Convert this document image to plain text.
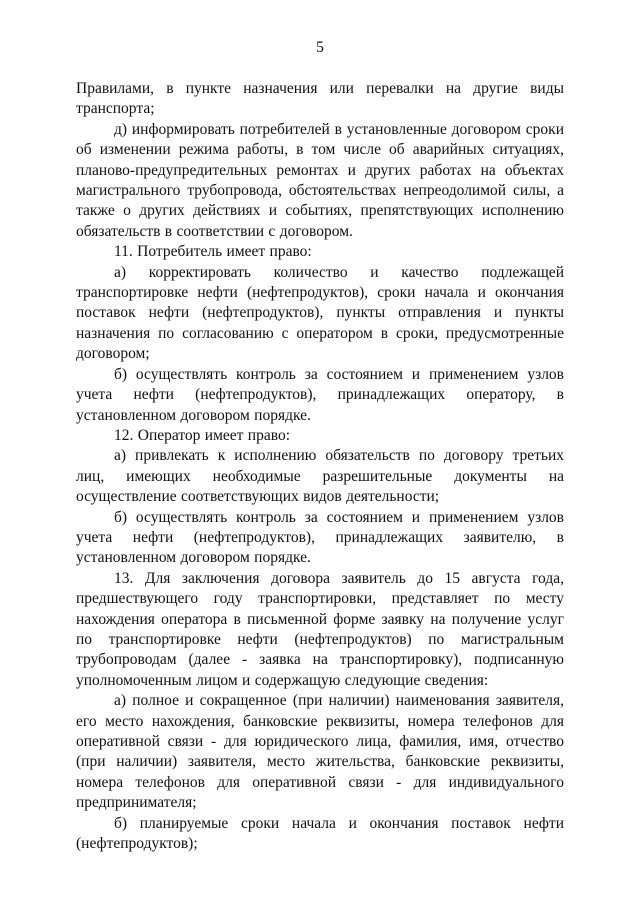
5

Правилами, в пункте назначения или перевалки на другие виды транспорта;

д) информировать потребителей в установленные договором сроки об изменении режима работы, в том числе об аварийных ситуациях, планово-предупредительных ремонтах и других работах на объектах магистрального трубопровода, обстоятельствах непреодолимой силы, а также о других действиях и событиях, препятствующих исполнению обязательств в соответствии с договором.

11. Потребитель имеет право:

а) корректировать количество и качество подлежащей транспортировке нефти (нефтепродуктов), сроки начала и окончания поставок нефти (нефтепродуктов), пункты отправления и пункты назначения по согласованию с оператором в сроки, предусмотренные договором;

б) осуществлять контроль за состоянием и применением узлов учета нефти (нефтепродуктов), принадлежащих оператору, в установленном договором порядке.

12. Оператор имеет право:

а) привлекать к исполнению обязательств по договору третьих лиц, имеющих необходимые разрешительные документы на осуществление соответствующих видов деятельности;

б) осуществлять контроль за состоянием и применением узлов учета нефти (нефтепродуктов), принадлежащих заявителю, в установленном договором порядке.

13. Для заключения договора заявитель до 15 августа года, предшествующего году транспортировки, представляет по месту нахождения оператора в письменной форме заявку на получение услуг по транспортировке нефти (нефтепродуктов) по магистральным трубопроводам (далее - заявка на транспортировку), подписанную уполномоченным лицом и содержащую следующие сведения:

а) полное и сокращенное (при наличии) наименования заявителя, его место нахождения, банковские реквизиты, номера телефонов для оперативной связи - для юридического лица, фамилия, имя, отчество (при наличии) заявителя, место жительства, банковские реквизиты, номера телефонов для оперативной связи - для индивидуального предпринимателя;

б) планируемые сроки начала и окончания поставок нефти (нефтепродуктов);
